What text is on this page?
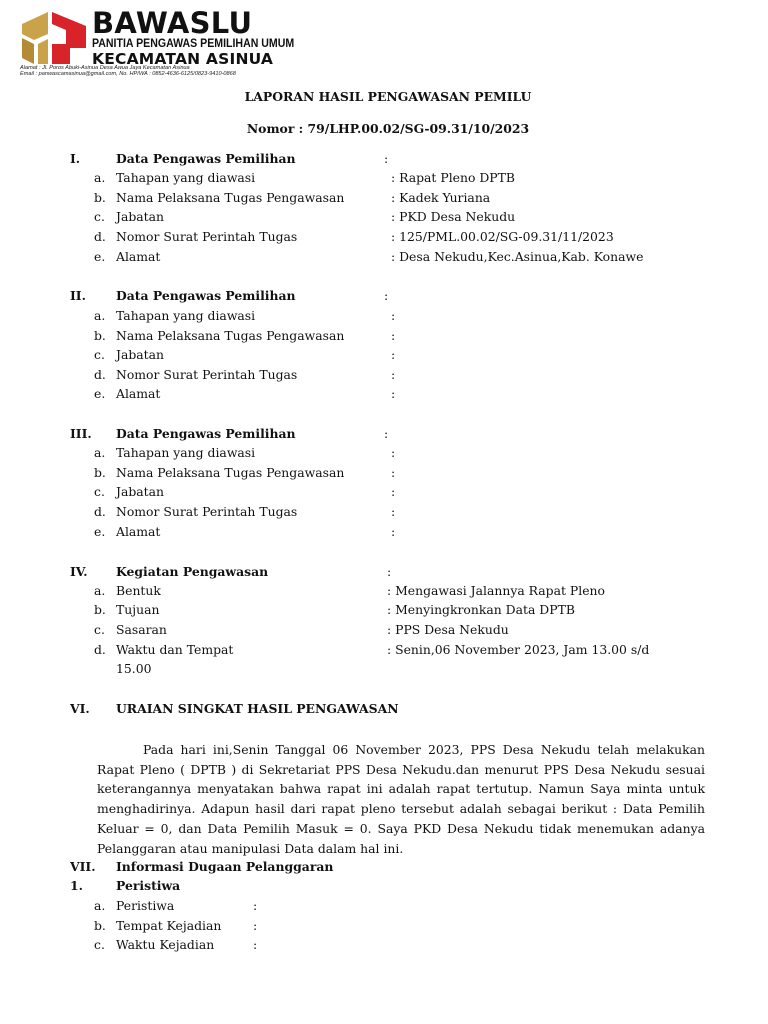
BAWASLU
PANITIA PENGAWAS PEMILIHAN UMUM
KECAMATAN ASINUA
Alamat : Jl. Poros Abuki-Asinua Desa Awua Jaya Kecamatan Asinua
Email : panwascamasinua@gmail.com, No. HP/WA : 0852-4636-6125/0823-9410-0868
LAPORAN HASIL PENGAWASAN PEMILU
Nomor : 79/LHP.00.02/SG-09.31/10/2023
I.	Data Pengawas Pemilihan	:
a. Tahapan yang diawasi	: Rapat Pleno DPTB
b. Nama Pelaksana Tugas Pengawasan	: Kadek Yuriana
c. Jabatan	: PKD Desa Nekudu
d. Nomor Surat Perintah Tugas	: 125/PML.00.02/SG-09.31/11/2023
e. Alamat	: Desa Nekudu,Kec.Asinua,Kab. Konawe
II. Data Pengawas Pemilihan	:
a. Tahapan yang diawasi	:
b. Nama Pelaksana Tugas Pengawasan	:
c. Jabatan	:
d. Nomor Surat Perintah Tugas	:
e. Alamat	:
III. Data Pengawas Pemilihan	:
a. Tahapan yang diawasi	:
b. Nama Pelaksana Tugas Pengawasan	:
c. Jabatan	:
d. Nomor Surat Perintah Tugas	:
e. Alamat	:
IV. Kegiatan Pengawasan	:
a. Bentuk	: Mengawasi Jalannya Rapat Pleno
b. Tujuan	: Menyingkronkan Data DPTB
c. Sasaran	: PPS Desa Nekudu
d. Waktu dan Tempat	: Senin,06 November 2023, Jam 13.00 s/d
15.00
VI. URAIAN SINGKAT HASIL PENGAWASAN
Pada hari ini,Senin Tanggal 06 November 2023, PPS Desa Nekudu telah melakukan Rapat Pleno ( DPTB ) di Sekretariat PPS Desa Nekudu.dan menurut PPS Desa Nekudu sesuai keterangannya menyatakan bahwa rapat ini adalah rapat tertutup. Namun Saya minta untuk menghadirinya. Adapun hasil dari rapat pleno tersebut adalah sebagai berikut : Data Pemilih Keluar = 0, dan Data Pemilih Masuk = 0. Saya PKD Desa Nekudu tidak menemukan adanya Pelanggaran atau manipulasi Data dalam hal ini.
VII. Informasi Dugaan Pelanggaran
1.	Peristiwa
a. Peristiwa	:
b. Tempat Kejadian	:
c. Waktu Kejadian	:
